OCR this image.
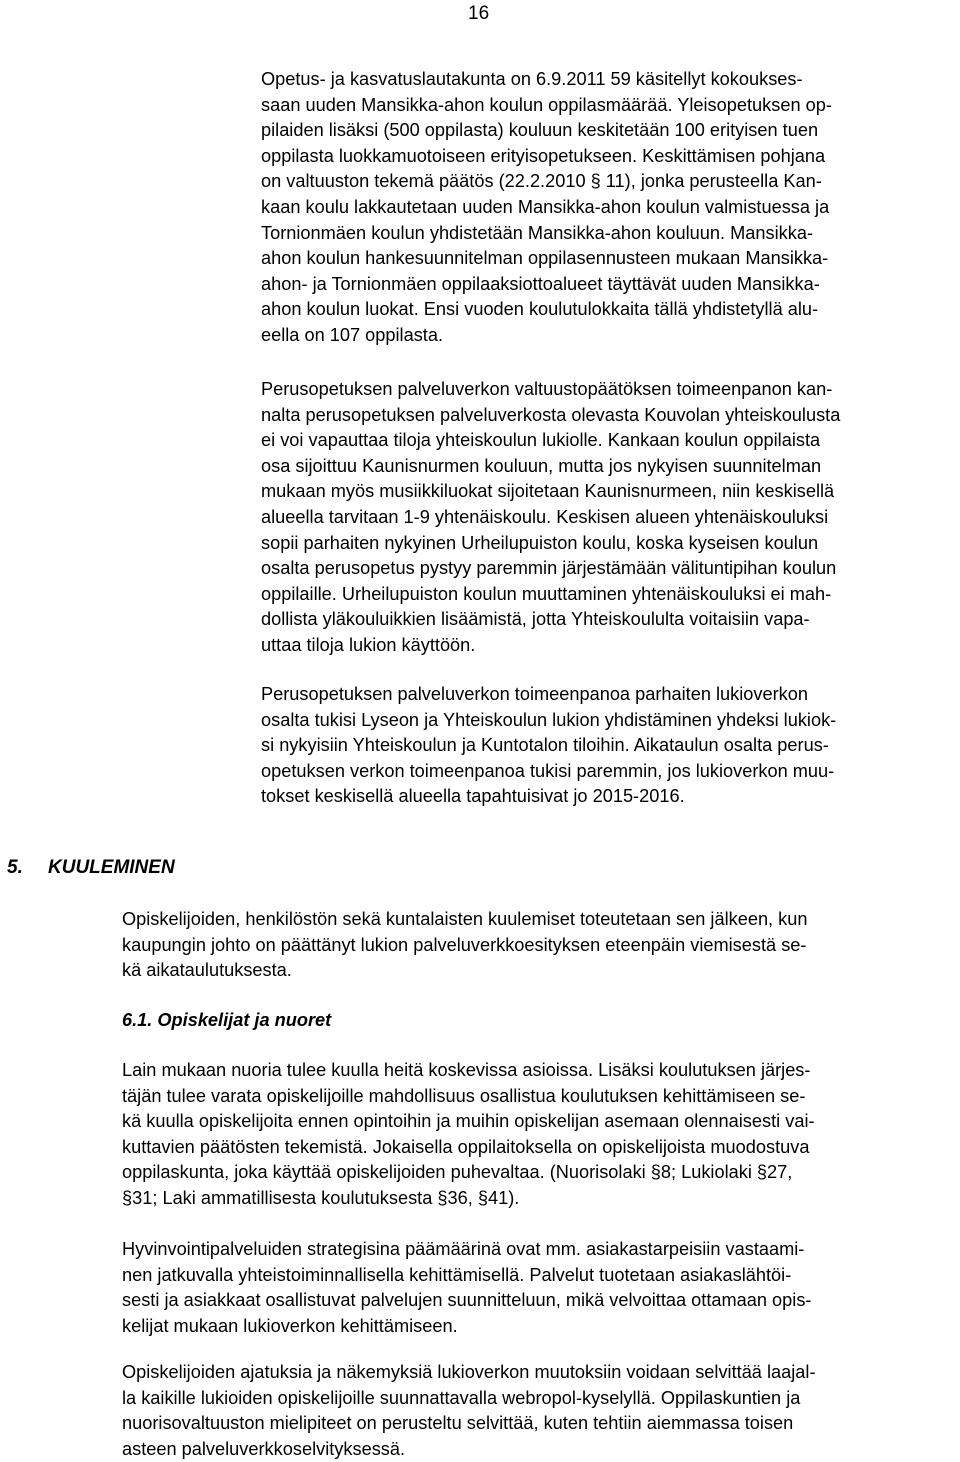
16
Opetus- ja kasvatuslautakunta on 6.9.2011 59 käsitellyt kokoukses-
saan uuden Mansikka-ahon koulun oppilasmäärää. Yleisopetuksen op-
pilaiden lisäksi (500 oppilasta) kouluun keskitetään 100 erityisen tuen
oppilasta luokkamuotoiseen erityisopetukseen. Keskittämisen pohjana
on valtuuston tekemä päätös (22.2.2010 § 11), jonka perusteella Kan-
kaan koulu lakkautetaan uuden Mansikka-ahon koulun valmistuessa ja
Tornionmäen koulun yhdistetään Mansikka-ahon kouluun. Mansikka-
ahon koulun hankesuunnitelman oppilasennusteen mukaan Mansikka-
ahon- ja Tornionmäen oppilaaksiottoalueet täyttävät uuden Mansikka-
ahon koulun luokat. Ensi vuoden koulutulokkaita tällä yhdistetyllä alu-
eella on 107 oppilasta.
Perusopetuksen palveluverkon valtuustopäätöksen toimeenpanon kan-
nalta perusopetuksen palveluverkosta olevasta Kouvolan yhteiskoulusta
ei voi vapauttaa tiloja yhteiskoulun lukiolle. Kankaan koulun oppilaista
osa sijoittuu Kaunisnurmen kouluun, mutta jos nykyisen suunnitelman
mukaan myös musiikkiluokat sijoitetaan Kaunisnurmeen, niin keskisellä
alueella tarvitaan 1-9 yhtenäiskoulu. Keskisen alueen yhtenäiskouluksi
sopii parhaiten nykyinen Urheilupuiston koulu, koska kyseisen koulun
osalta perusopetus pystyy paremmin järjestämään välituntipihan koulun
oppilaille. Urheilupuiston koulun muuttaminen yhtenäiskouluksi ei mah-
dollista yläkouluikkien lisäämistä, jotta Yhteiskoululta voitaisiin vapa-
uttaa tiloja lukion käyttöön.
Perusopetuksen palveluverkon toimeenpanoa parhaiten lukioverkon
osalta tukisi Lyseon ja Yhteiskoulun lukion yhdistäminen yhdeksi lukiok-
si nykyisiin Yhteiskoulun ja Kuntotalon tiloihin. Aikataulun osalta perus-
opetuksen verkon toimeenpanoa tukisi paremmin, jos lukioverkon muu-
tokset keskisellä alueella tapahtuisivat jo 2015-2016.
5. KUULEMINEN
Opiskelijoiden, henkilöstön sekä kuntalaisten kuulemiset toteutetaan sen jälkeen, kun
kaupungin johto on päättänyt lukion palveluverkkoesityksen eteenpäin viemisestä se-
kä aikataulutuksesta.
6.1. Opiskelijat ja nuoret
Lain mukaan nuoria tulee kuulla heitä koskevissa asioissa. Lisäksi koulutuksen järjes-
täjän tulee varata opiskelijoille mahdollisuus osallistua koulutuksen kehittämiseen se-
kä kuulla opiskelijoita ennen opintoihin ja muihin opiskelijan asemaan olennaisesti vai-
kuttavien päätösten tekemistä. Jokaisella oppilaitoksella on opiskelijoista muodostuva
oppilaskunta, joka käyttää opiskelijoiden puhevaltaa. (Nuorisolaki §8; Lukiolaki §27,
§31; Laki ammatillisesta koulutuksesta §36, §41).
Hyvinvointipalveluiden strategisina päämäärinä ovat mm. asiakastarpeisiin vastaami-
nen jatkuvalla yhteistoiminnallisella kehittämisellä. Palvelut tuotetaan asiakaslähtöi-
sesti ja asiakkaat osallistuvat palvelujen suunnitteluun, mikä velvoittaa ottamaan opis-
kelijat mukaan lukioverkon kehittämiseen.
Opiskelijoiden ajatuksia ja näkemyksiä lukioverkon muutoksiin voidaan selvittää laajal-
la kaikille lukioiden opiskelijoille suunnattavalla webropol-kyselyllä. Oppilaskuntien ja
nuorisovaltuuston mielipiteet on perusteltu selvittää, kuten tehtiin aiemmassa toisen
asteen palveluverkkoselvityksessä.
